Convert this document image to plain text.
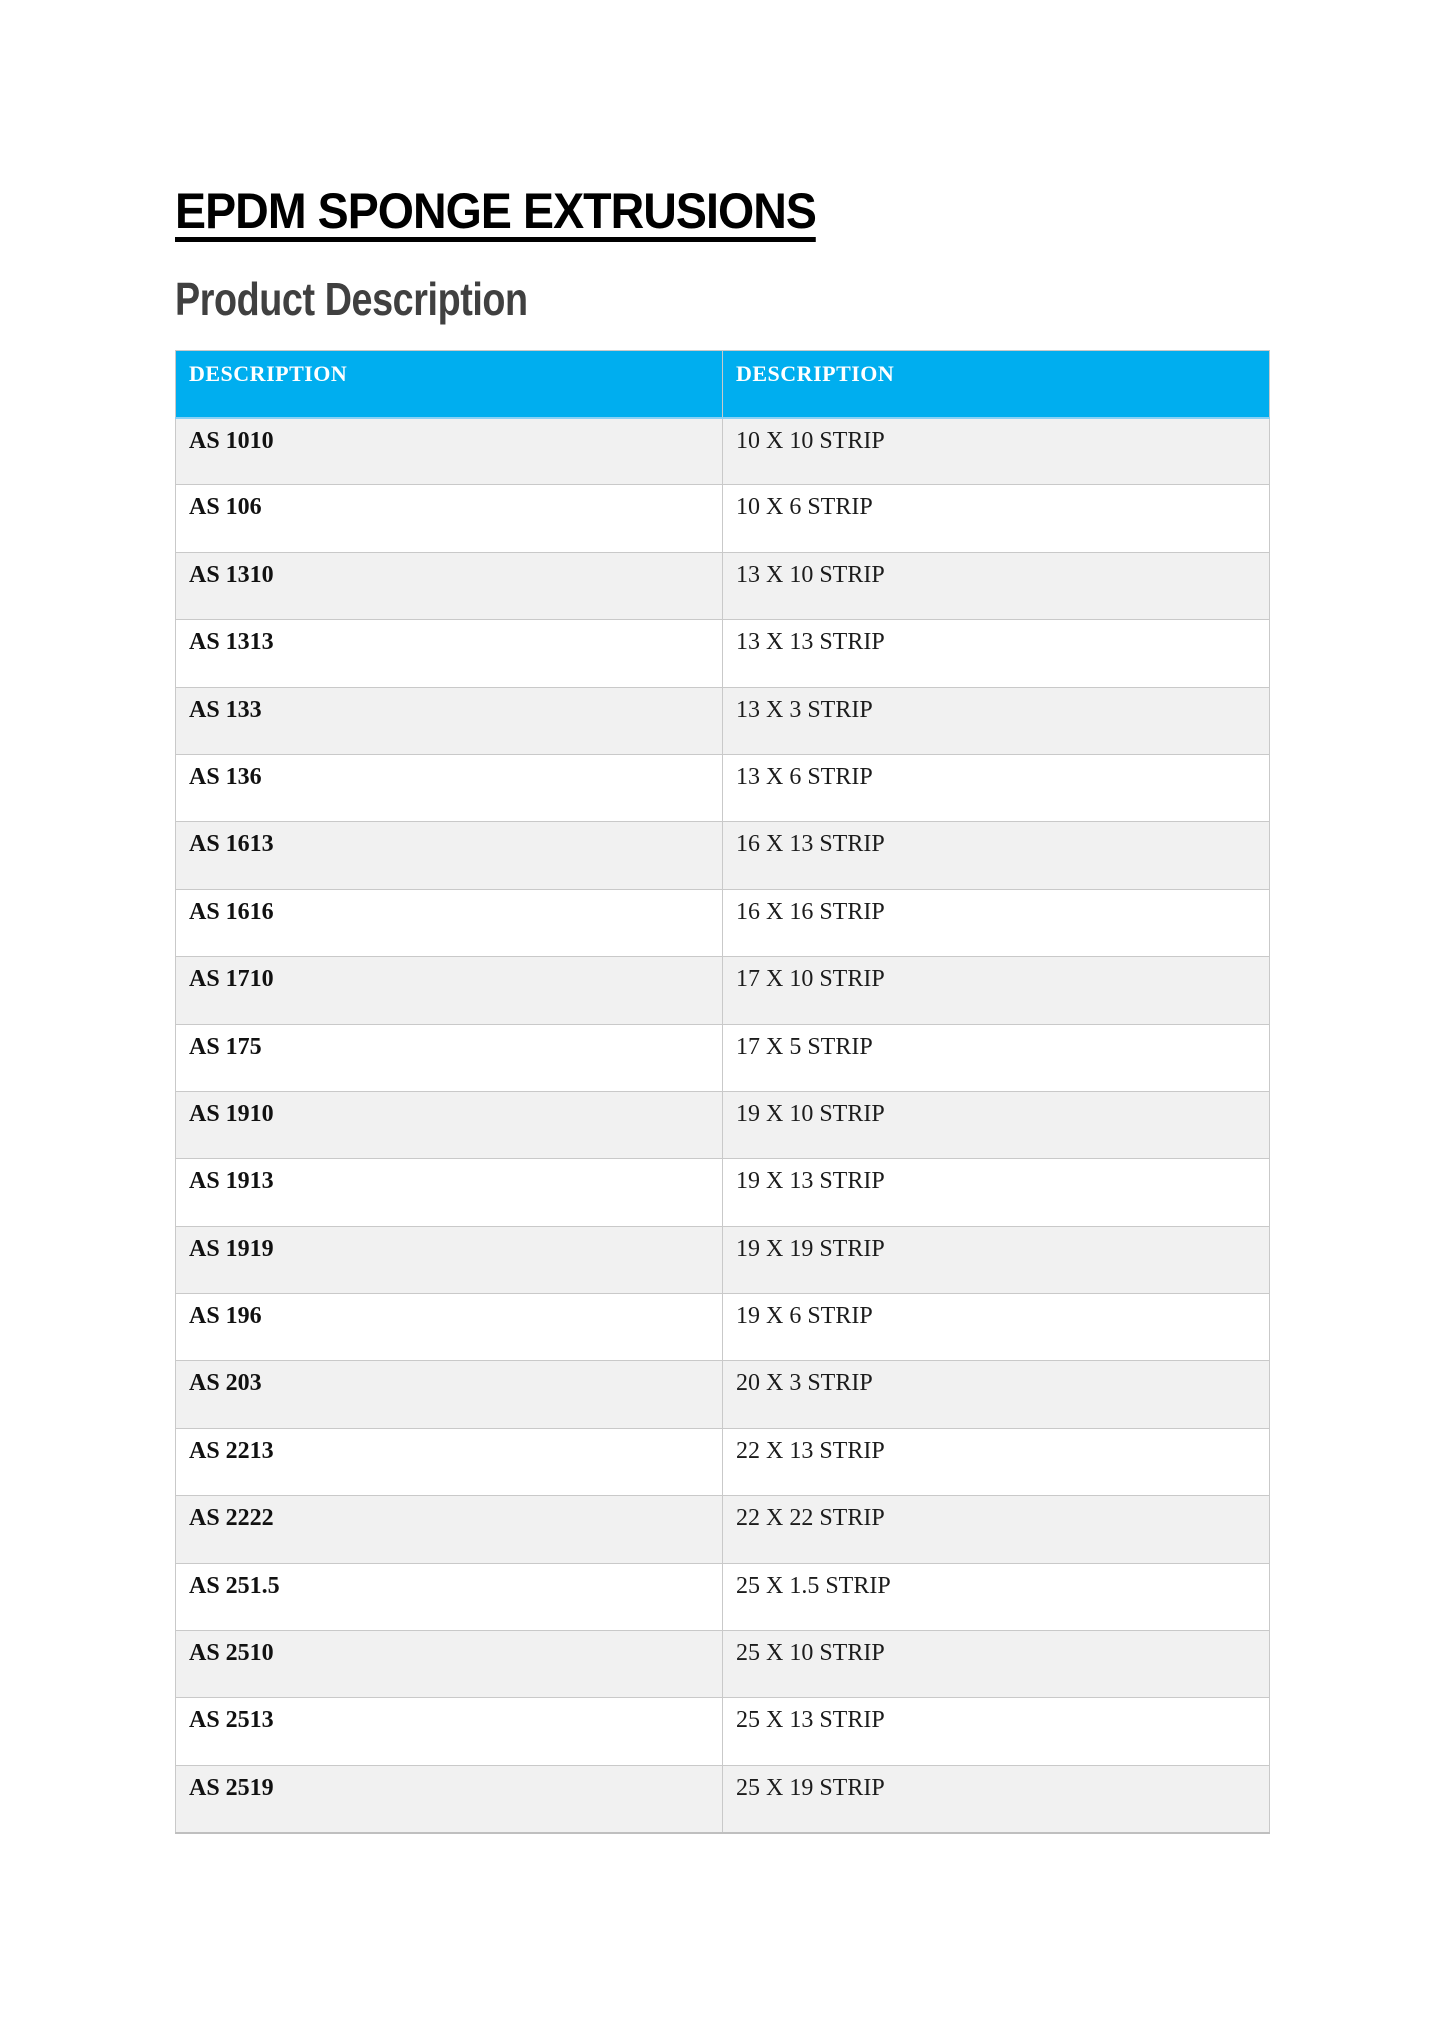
EPDM SPONGE EXTRUSIONS
Product Description
DESCRIPTION	DESCRIPTION
AS 1010	10 X 10 STRIP
AS 106	10 X 6 STRIP
AS 1310	13 X 10 STRIP
AS 1313	13 X 13 STRIP
AS 133	13 X 3 STRIP
AS 136	13 X 6 STRIP
AS 1613	16 X 13 STRIP
AS 1616	16 X 16 STRIP
AS 1710	17 X 10 STRIP
AS 175	17 X 5 STRIP
AS 1910	19 X 10 STRIP
AS 1913	19 X 13 STRIP
AS 1919	19 X 19 STRIP
AS 196	19 X 6 STRIP
AS 203	20 X 3 STRIP
AS 2213	22 X 13 STRIP
AS 2222	22 X 22 STRIP
AS 251.5	25 X 1.5 STRIP
AS 2510	25 X 10 STRIP
AS 2513	25 X 13 STRIP
AS 2519	25 X 19 STRIP
